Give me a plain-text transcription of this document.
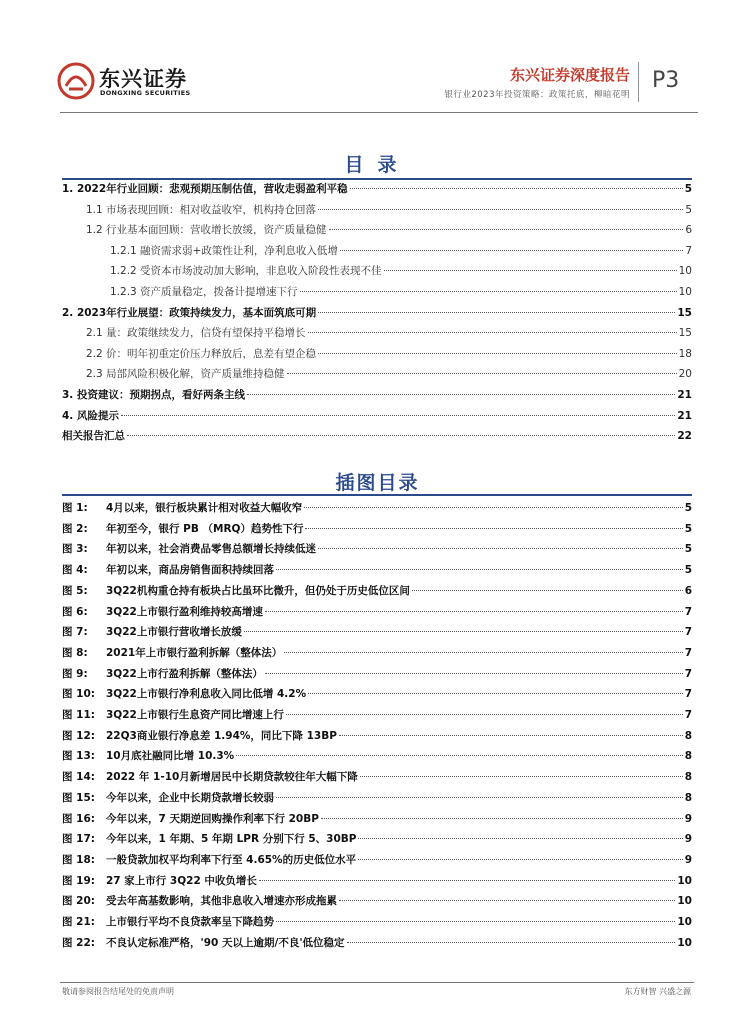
东兴证券
DONGXING SECURITIES
东兴证券深度报告
银行业2023年投资策略：政策托底，柳暗花明
P3
目录
1. 2022年行业回顾：悲观预期压制估值，营收走弱盈利平稳	5
1.1 市场表现回顾：相对收益收窄，机构持仓回落	5
1.2 行业基本面回顾：营收增长放缓，资产质量稳健	6
1.2.1 融资需求弱+政策性让利，净利息收入低增	7
1.2.2 受资本市场波动加大影响，非息收入阶段性表现不佳	10
1.2.3 资产质量稳定，拨备计提增速下行	10
2. 2023年行业展望：政策持续发力，基本面筑底可期	15
2.1 量：政策继续发力，信贷有望保持平稳增长	15
2.2 价：明年初重定价压力释放后，息差有望企稳	18
2.3 局部风险积极化解，资产质量维持稳健	20
3. 投资建议：预期拐点，看好两条主线	21
4. 风险提示	21
相关报告汇总	22
插图目录
图 1:	4月以来，银行板块累计相对收益大幅收窄	5
图 2:	年初至今，银行 PB （MRQ）趋势性下行	5
图 3:	年初以来，社会消费品零售总额增长持续低迷	5
图 4:	年初以来，商品房销售面积持续回落	5
图 5:	3Q22机构重仓持有板块占比虽环比微升，但仍处于历史低位区间	6
图 6:	3Q22上市银行盈利维持较高增速	7
图 7:	3Q22上市银行营收增长放缓	7
图 8:	2021年上市银行盈利拆解（整体法）	7
图 9:	3Q22上市行盈利拆解（整体法）	7
图 10:	3Q22上市银行净利息收入同比低增 4.2%	7
图 11:	3Q22上市银行生息资产同比增速上行	7
图 12:	22Q3商业银行净息差 1.94%，同比下降 13BP	8
图 13:	10月底社融同比增 10.3%	8
图 14:	2022 年 1-10月新增居民中长期贷款较往年大幅下降	8
图 15:	今年以来，企业中长期贷款增长较弱	8
图 16:	今年以来，7 天期逆回购操作利率下行 20BP	9
图 17:	今年以来，1 年期、5 年期 LPR 分别下行 5、30BP	9
图 18:	一般贷款加权平均利率下行至 4.65%的历史低位水平	9
图 19:	27 家上市行 3Q22 中收负增长	10
图 20:	受去年高基数影响，其他非息收入增速亦形成拖累	10
图 21:	上市银行平均不良贷款率呈下降趋势	10
图 22:	不良认定标准严格，'90 天以上逾期/不良'低位稳定	10
敬请参阅报告结尾处的免责声明	东方财智 兴盛之源
